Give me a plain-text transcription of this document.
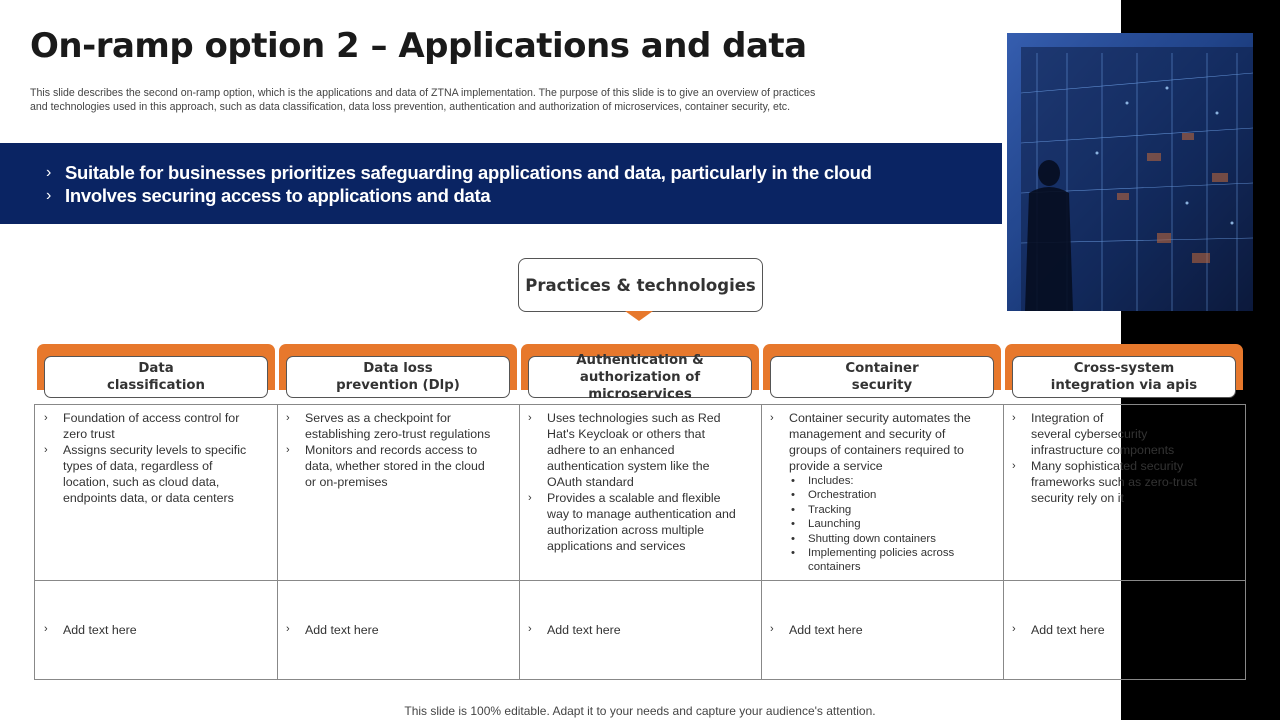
On-ramp option 2 – Applications and data
This slide describes the second on-ramp option, which is the applications and data of ZTNA implementation. The purpose of this slide is to give an overview of practices
and technologies used in this approach, such as data classification, data loss prevention, authentication and authorization of microservices, container security, etc.
› Suitable for businesses prioritizes safeguarding applications and data, particularly in the cloud
› Involves securing access to applications and data
Practices & technologies
Data
classification
Data loss
prevention (Dlp)
Authentication &
authorization of microservices
Container
security
Cross-system
integration via apis
› Foundation of access control for
zero trust
› Assigns security levels to specific
types of data, regardless of
location, such as cloud data,
endpoints data, or data centers
› Add text here
› Serves as a checkpoint for
establishing zero-trust regulations
› Monitors and records access to
data, whether stored in the cloud
or on-premises
› Add text here
› Uses technologies such as Red
Hat's Keycloak or others that
adhere to an enhanced
authentication system like the
OAuth standard
› Provides a scalable and flexible
way to manage authentication and
authorization across multiple
applications and services
› Add text here
› Container security automates the
management and security of
groups of containers required to
provide a service
• Includes:
• Orchestration
• Tracking
• Launching
• Shutting down containers
• Implementing policies across
containers
› Add text here
› Integration of
several cybersecurity
infrastructure components
› Many sophisticated security
frameworks such as zero-trust
security rely on it
› Add text here
This slide is 100% editable. Adapt it to your needs and capture your audience's attention.
